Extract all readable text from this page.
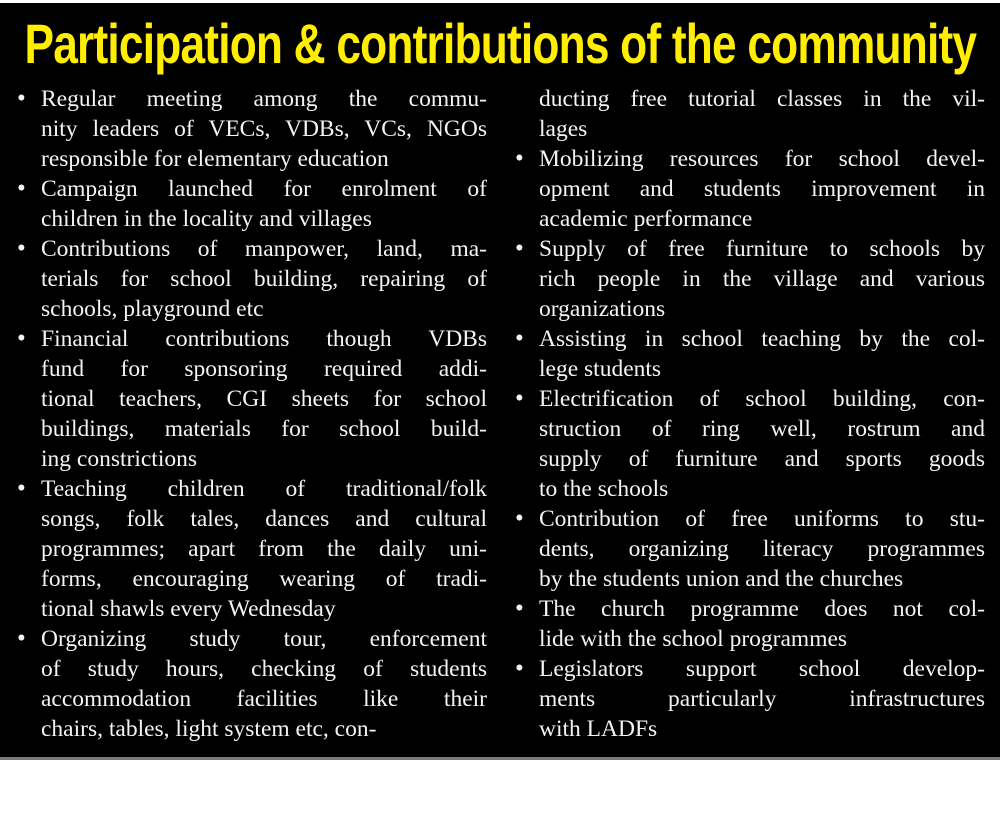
Participation & contributions of the community
• Regular meeting among the commu-
nity leaders of VECs, VDBs, VCs, NGOs
responsible for elementary education
• Campaign launched for enrolment of
children in the locality and villages
• Contributions of manpower, land, ma-
terials for school building, repairing of
schools, playground etc
• Financial contributions though VDBs
fund for sponsoring required addi-
tional teachers, CGI sheets for school
buildings, materials for school build-
ing constrictions
• Teaching children of traditional/folk
songs, folk tales, dances and cultural
programmes; apart from the daily uni-
forms, encouraging wearing of tradi-
tional shawls every Wednesday
• Organizing study tour, enforcement
of study hours, checking of students
accommodation facilities like their
chairs, tables, light system etc, con-
ducting free tutorial classes in the vil-
lages
• Mobilizing resources for school devel-
opment and students improvement in
academic performance
• Supply of free furniture to schools by
rich people in the village and various
organizations
• Assisting in school teaching by the col-
lege students
• Electrification of school building, con-
struction of ring well, rostrum and
supply of furniture and sports goods
to the schools
• Contribution of free uniforms to stu-
dents, organizing literacy programmes
by the students union and the churches
• The church programme does not col-
lide with the school programmes
• Legislators support school develop-
ments particularly infrastructures
with LADFs
